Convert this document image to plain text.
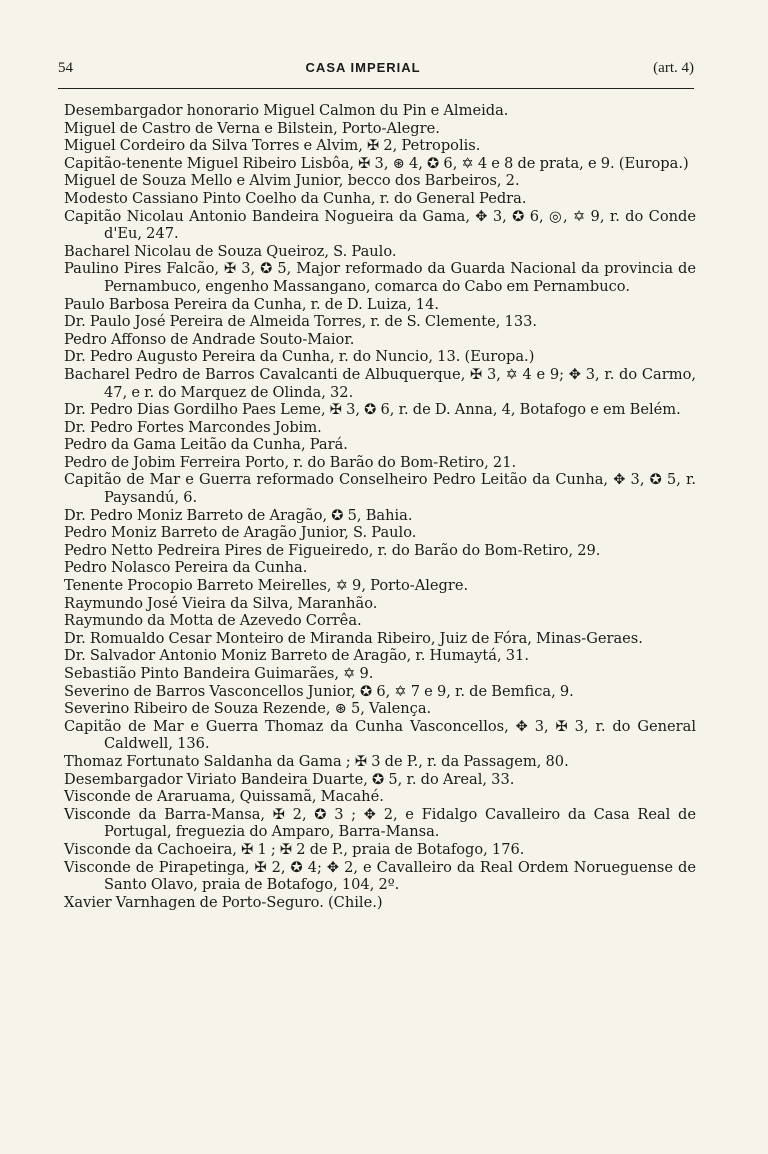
54	CASA IMPERIAL	(art. 4)
Desembargador honorario Miguel Calmon du Pin e Almeida.
Miguel de Castro de Verna e Bilstein, Porto-Alegre.
Miguel Cordeiro da Silva Torres e Alvim, ✠ 2, Petropolis.
Capitão-tenente Miguel Ribeiro Lisbôa, ✠ 3, ⊛ 4, ✪ 6, ✡ 4 e 8 de prata, e 9. (Europa.)
Miguel de Souza Mello e Alvim Junior, becco dos Barbeiros, 2.
Modesto Cassiano Pinto Coelho da Cunha, r. do General Pedra.
Capitão Nicolau Antonio Bandeira Nogueira da Gama, ✥ 3, ✪ 6, ◎, ✡ 9, r. do Conde d'Eu, 247.
Bacharel Nicolau de Souza Queiroz, S. Paulo.
Paulino Pires Falcão, ✠ 3, ✪ 5, Major reformado da Guarda Nacional da provincia de Pernambuco, engenho Massangano, comarca do Cabo em Pernambuco.
Paulo Barbosa Pereira da Cunha, r. de D. Luiza, 14.
Dr. Paulo José Pereira de Almeida Torres, r. de S. Clemente, 133.
Pedro Affonso de Andrade Souto-Maior.
Dr. Pedro Augusto Pereira da Cunha, r. do Nuncio, 13. (Europa.)
Bacharel Pedro de Barros Cavalcanti de Albuquerque, ✠ 3, ✡ 4 e 9; ✥ 3, r. do Carmo, 47, e r. do Marquez de Olinda, 32.
Dr. Pedro Dias Gordilho Paes Leme, ✠ 3, ✪ 6, r. de D. Anna, 4, Botafogo e em Belém.
Dr. Pedro Fortes Marcondes Jobim.
Pedro da Gama Leitão da Cunha, Pará.
Pedro de Jobim Ferreira Porto, r. do Barão do Bom-Retiro, 21.
Capitão de Mar e Guerra reformado Conselheiro Pedro Leitão da Cunha, ✥ 3, ✪ 5, r. Paysandú, 6.
Dr. Pedro Moniz Barreto de Aragão, ✪ 5, Bahia.
Pedro Moniz Barreto de Aragão Junior, S. Paulo.
Pedro Netto Pedreira Pires de Figueiredo, r. do Barão do Bom-Retiro, 29.
Pedro Nolasco Pereira da Cunha.
Tenente Procopio Barreto Meirelles, ✡ 9, Porto-Alegre.
Raymundo José Vieira da Silva, Maranhão.
Raymundo da Motta de Azevedo Corrêa.
Dr. Romualdo Cesar Monteiro de Miranda Ribeiro, Juiz de Fóra, Minas-Geraes.
Dr. Salvador Antonio Moniz Barreto de Aragão, r. Humaytá, 31.
Sebastião Pinto Bandeira Guimarães, ✡ 9.
Severino de Barros Vasconcellos Junior, ✪ 6, ✡ 7 e 9, r. de Bemfica, 9.
Severino Ribeiro de Souza Rezende, ⊛ 5, Valença.
Capitão de Mar e Guerra Thomaz da Cunha Vasconcellos, ✥ 3, ✠ 3, r. do General Caldwell, 136.
Thomaz Fortunato Saldanha da Gama ; ✠ 3 de P., r. da Passagem, 80.
Desembargador Viriato Bandeira Duarte, ✪ 5, r. do Areal, 33.
Visconde de Araruama, Quissamã, Macahé.
Visconde da Barra-Mansa, ✠ 2, ✪ 3 ; ✥ 2, e Fidalgo Cavalleiro da Casa Real de Portugal, freguezia do Amparo, Barra-Mansa.
Visconde da Cachoeira, ✠ 1 ; ✠ 2 de P., praia de Botafogo, 176.
Visconde de Pirapetinga, ✠ 2, ✪ 4; ✥ 2, e Cavalleiro da Real Ordem Norueguense de Santo Olavo, praia de Botafogo, 104, 2º.
Xavier Varnhagen de Porto-Seguro. (Chile.)
